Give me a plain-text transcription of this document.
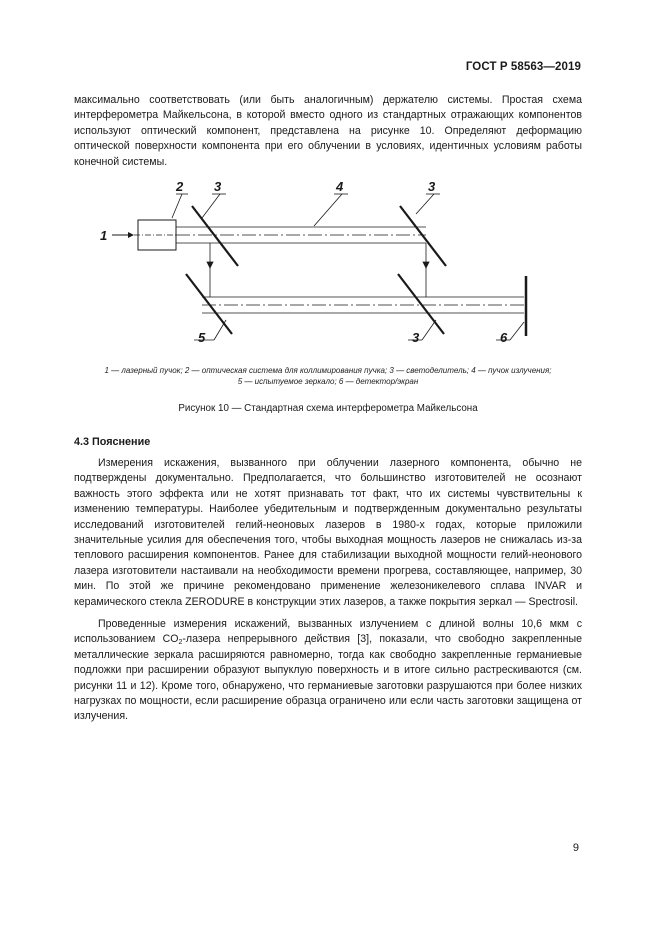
ГОСТ Р 58563—2019

максимально соответствовать (или быть аналогичным) держателю системы. Простая схема интерферометра Майкельсона, в которой вместо одного из стандартных отражающих компонентов используют оптический компонент, представлена на рисунке 10. Определяют деформацию оптической поверхности компонента при его облучении в условиях, идентичных условиям работы конечной системы.

1
2 3	4	3
5	3	6
1 — лазерный пучок; 2 — оптическая система для коллимирования пучка; 3 — светоделитель; 4 — пучок излучения;
5 — испытуемое зеркало; 6 — детектор/экран
Рисунок 10 — Стандартная схема интерферометра Майкельсона
4.3 Пояснение

Измерения искажения, вызванного при облучении лазерного компонента, обычно не подтверждены документально. Предполагается, что большинство изготовителей не осознают важность этого эффекта или не хотят признавать тот факт, что их системы чувствительны к изменению температуры. Наиболее убедительным и подтвержденным документально результаты исследований изготовителей гелий-неоновых лазеров в 1980-х годах, которые приложили значительные усилия для обеспечения того, чтобы выходная мощность лазеров не снижалась из-за теплового расширения компонентов. Ранее для стабилизации выходной мощности гелий-неонового лазера изготовители настаивали на необходимости времени прогрева, составляющее, например, 30 мин. По этой же причине рекомендовано применение железоникелевого сплава INVAR и керамического стекла ZERODURE в конструкции этих лазеров, а также покрытия зеркал — Spectrosil.

Проведенные измерения искажений, вызванных излучением с длиной волны 10,6 мкм с использованием $CO_2$-лазера непрерывного действия [3], показали, что свободно закрепленные металлические зеркала расширяются равномерно, тогда как свободно закрепленные германиевые подложки при расширении образуют выпуклую поверхность и в итоге сильно растрескиваются (см. рисунки 11 и 12). Кроме того, обнаружено, что германиевые заготовки разрушаются при более низких нагрузках по мощности, если расширение образца ограничено или если часть заготовки защищена от излучения.

9
